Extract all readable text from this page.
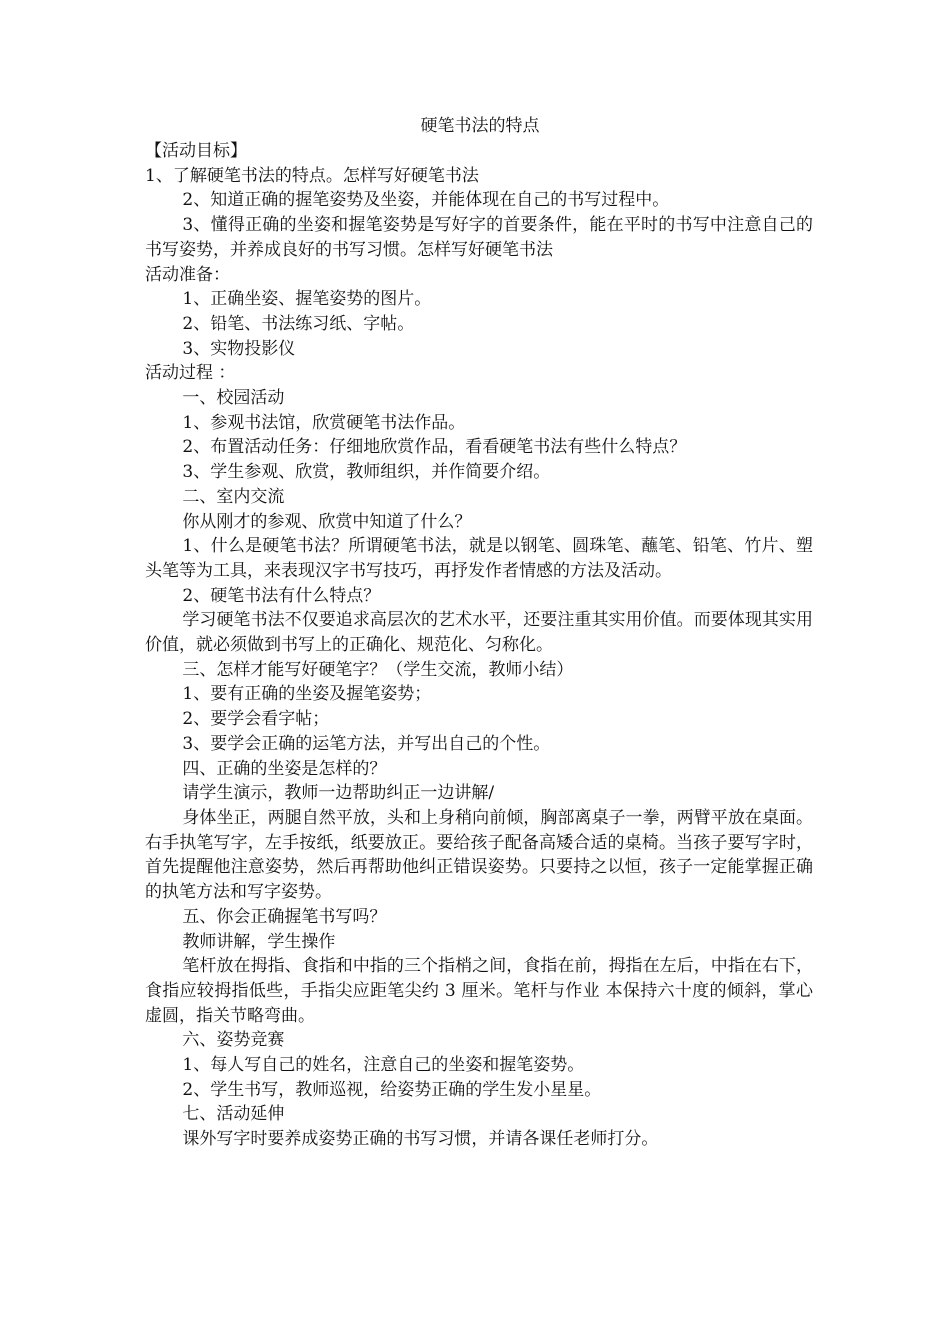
硬笔书法的特点

【活动目标】

1、了解硬笔书法的特点。怎样写好硬笔书法

2、知道正确的握笔姿势及坐姿，并能体现在自己的书写过程中。

3、懂得正确的坐姿和握笔姿势是写好字的首要条件，能在平时的书写中注意自己的书写姿势，并养成良好的书写习惯。怎样写好硬笔书法

活动准备：

1、正确坐姿、握笔姿势的图片。

2、铅笔、书法练习纸、字帖。

3、实物投影仪

活动过程 ：

一、校园活动

1、参观书法馆，欣赏硬笔书法作品。

2、布置活动任务：仔细地欣赏作品，看看硬笔书法有些什么特点？

3、学生参观、欣赏，教师组织，并作简要介绍。

二、室内交流

你从刚才的参观、欣赏中知道了什么？

1、什么是硬笔书法？所谓硬笔书法，就是以钢笔、圆珠笔、蘸笔、铅笔、竹片、塑头笔等为工具，来表现汉字书写技巧，再抒发作者情感的方法及活动。

2、硬笔书法有什么特点？

学习硬笔书法不仅要追求高层次的艺术水平，还要注重其实用价值。而要体现其实用价值，就必须做到书写上的正确化、规范化、匀称化。

三、怎样才能写好硬笔字？（学生交流，教师小结）

1、要有正确的坐姿及握笔姿势；

2、要学会看字帖；

3、要学会正确的运笔方法，并写出自己的个性。

四、正确的坐姿是怎样的？

请学生演示，教师一边帮助纠正一边讲解/

身体坐正，两腿自然平放，头和上身稍向前倾，胸部离桌子一拳，两臂平放在桌面。右手执笔写字，左手按纸，纸要放正。要给孩子配备高矮合适的桌椅。当孩子要写字时，首先提醒他注意姿势，然后再帮助他纠正错误姿势。只要持之以恒，孩子一定能掌握正确的执笔方法和写字姿势。

五、你会正确握笔书写吗？

教师讲解，学生操作

笔杆放在拇指、食指和中指的三个指梢之间，食指在前，拇指在左后，中指在右下，食指应较拇指低些，手指尖应距笔尖约 3 厘米。笔杆与作业 本保持六十度的倾斜，掌心虚圆，指关节略弯曲。

六、姿势竞赛

1、每人写自己的姓名，注意自己的坐姿和握笔姿势。

2、学生书写，教师巡视，给姿势正确的学生发小星星。

七、活动延伸

课外写字时要养成姿势正确的书写习惯，并请各课任老师打分。
